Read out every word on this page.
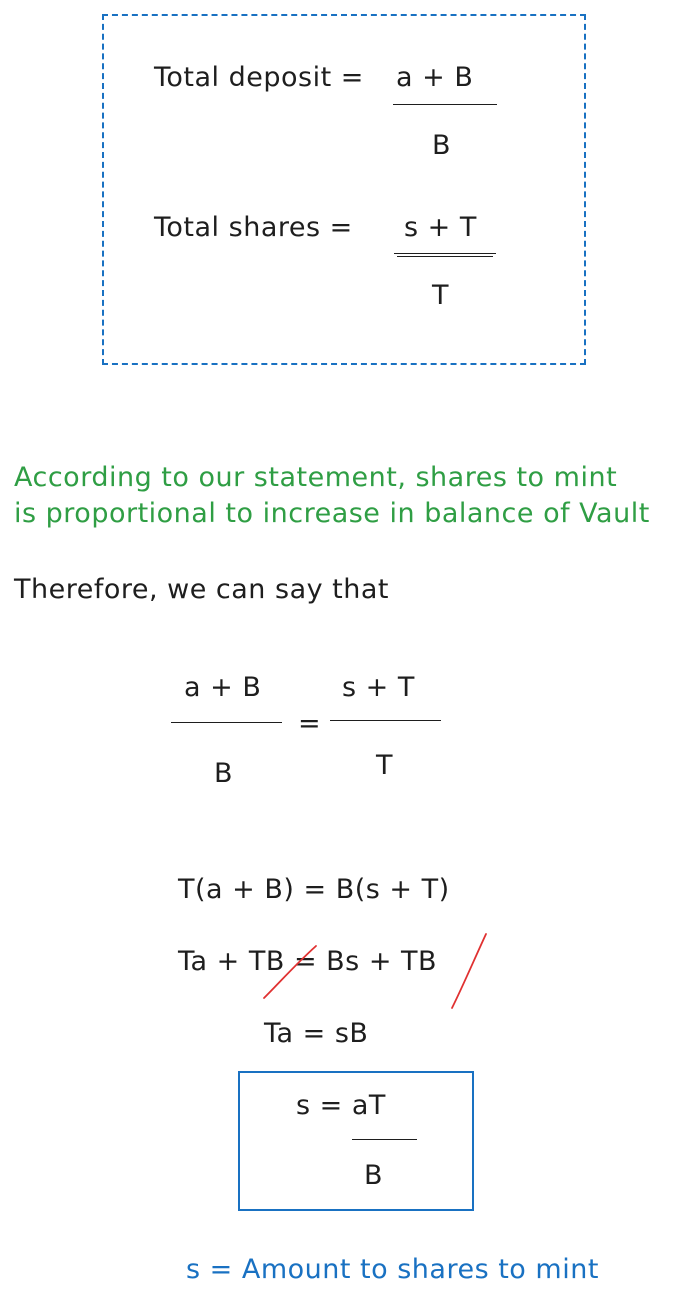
Total deposit = a + B
B
Total shares = s + T
T
According to our statement, shares to mint
is proportional to increase in balance of Vault
Therefore, we can say that
a + B
B
=
s + T
T
T(a + B) = B(s + T)
Ta + TB = Bs + TB
Ta = sB
s = aT
B
s = Amount to shares to mint
